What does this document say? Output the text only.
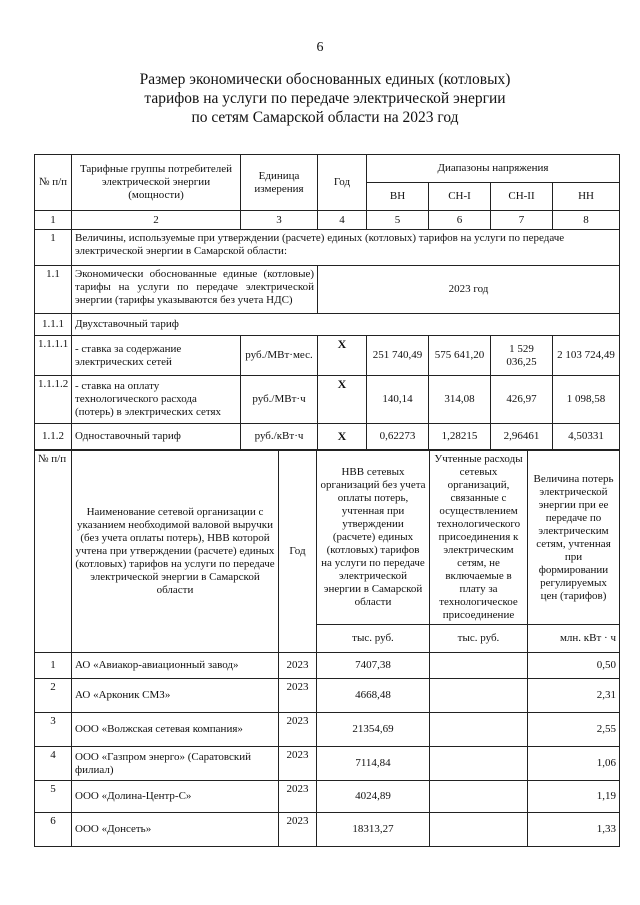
6
Размер экономически обоснованных единых (котловых)
тарифов на услуги по передаче электрической энергии
по сетям Самарской области на 2023 год
№ п/п	Тарифные группы потребителей электрической энергии (мощности)	Единица измерения	Год	Диапазоны напряжения			
				ВН	СН-I	СН-II	НН
1	2	3	4	5	6	7	8
1	Величины, используемые при утверждении (расчете) единых (котловых) тарифов на услуги по передаче электрической энергии в Самарской области:						
1.1	Экономически обоснованные единые (котловые) тарифы на услуги по передаче электрической энергии (тарифы указываются без учета НДС)		2023 год				
1.1.1	Двухставочный тариф						
1.1.1.1	- ставка за содержание электрических сетей	руб./МВт·мес.	Х	251 740,49	575 641,20	1 529 036,25	2 103 724,49
1.1.1.2	- ставка на оплату технологического расхода (потерь) в электрических сетях	руб./МВт·ч	Х	140,14	314,08	426,97	1 098,58
1.1.2	Одноставочный тариф	руб./кВт·ч	Х	0,62273	1,28215	2,96461	4,50331
№ п/п	Наименование сетевой организации с указанием необходимой валовой выручки (без учета оплаты потерь), НВВ которой учтена при утверждении (расчете) единых (котловых) тарифов на услуги по передаче электрической энергии в Самарской области	Год	НВВ сетевых организаций без учета оплаты потерь, учтенная при утверждении (расчете) единых (котловых) тарифов на услуги по передаче электрической энергии в Самарской области	Учтенные расходы сетевых организаций, связанные с осуществлением технологического присоединения к электрическим сетям, не включаемые в плату за технологическое присоединение	Величина потерь электрической энергии при ее передаче по электрическим сетям, учтенная при формировании регулируемых цен (тарифов)
			тыс. руб.	тыс. руб.	млн. кВт · ч
1	АО «Авиакор-авиационный завод»	2023	7407,38		0,50
2	АО «Арконик СМЗ»	2023	4668,48		2,31
3	ООО «Волжская сетевая компания»	2023	21354,69		2,55
4	ООО «Газпром энерго» (Саратовский филиал)	2023	7114,84		1,06
5	ООО «Долина-Центр-С»	2023	4024,89		1,19
6	ООО «Донсеть»	2023	18313,27		1,33
